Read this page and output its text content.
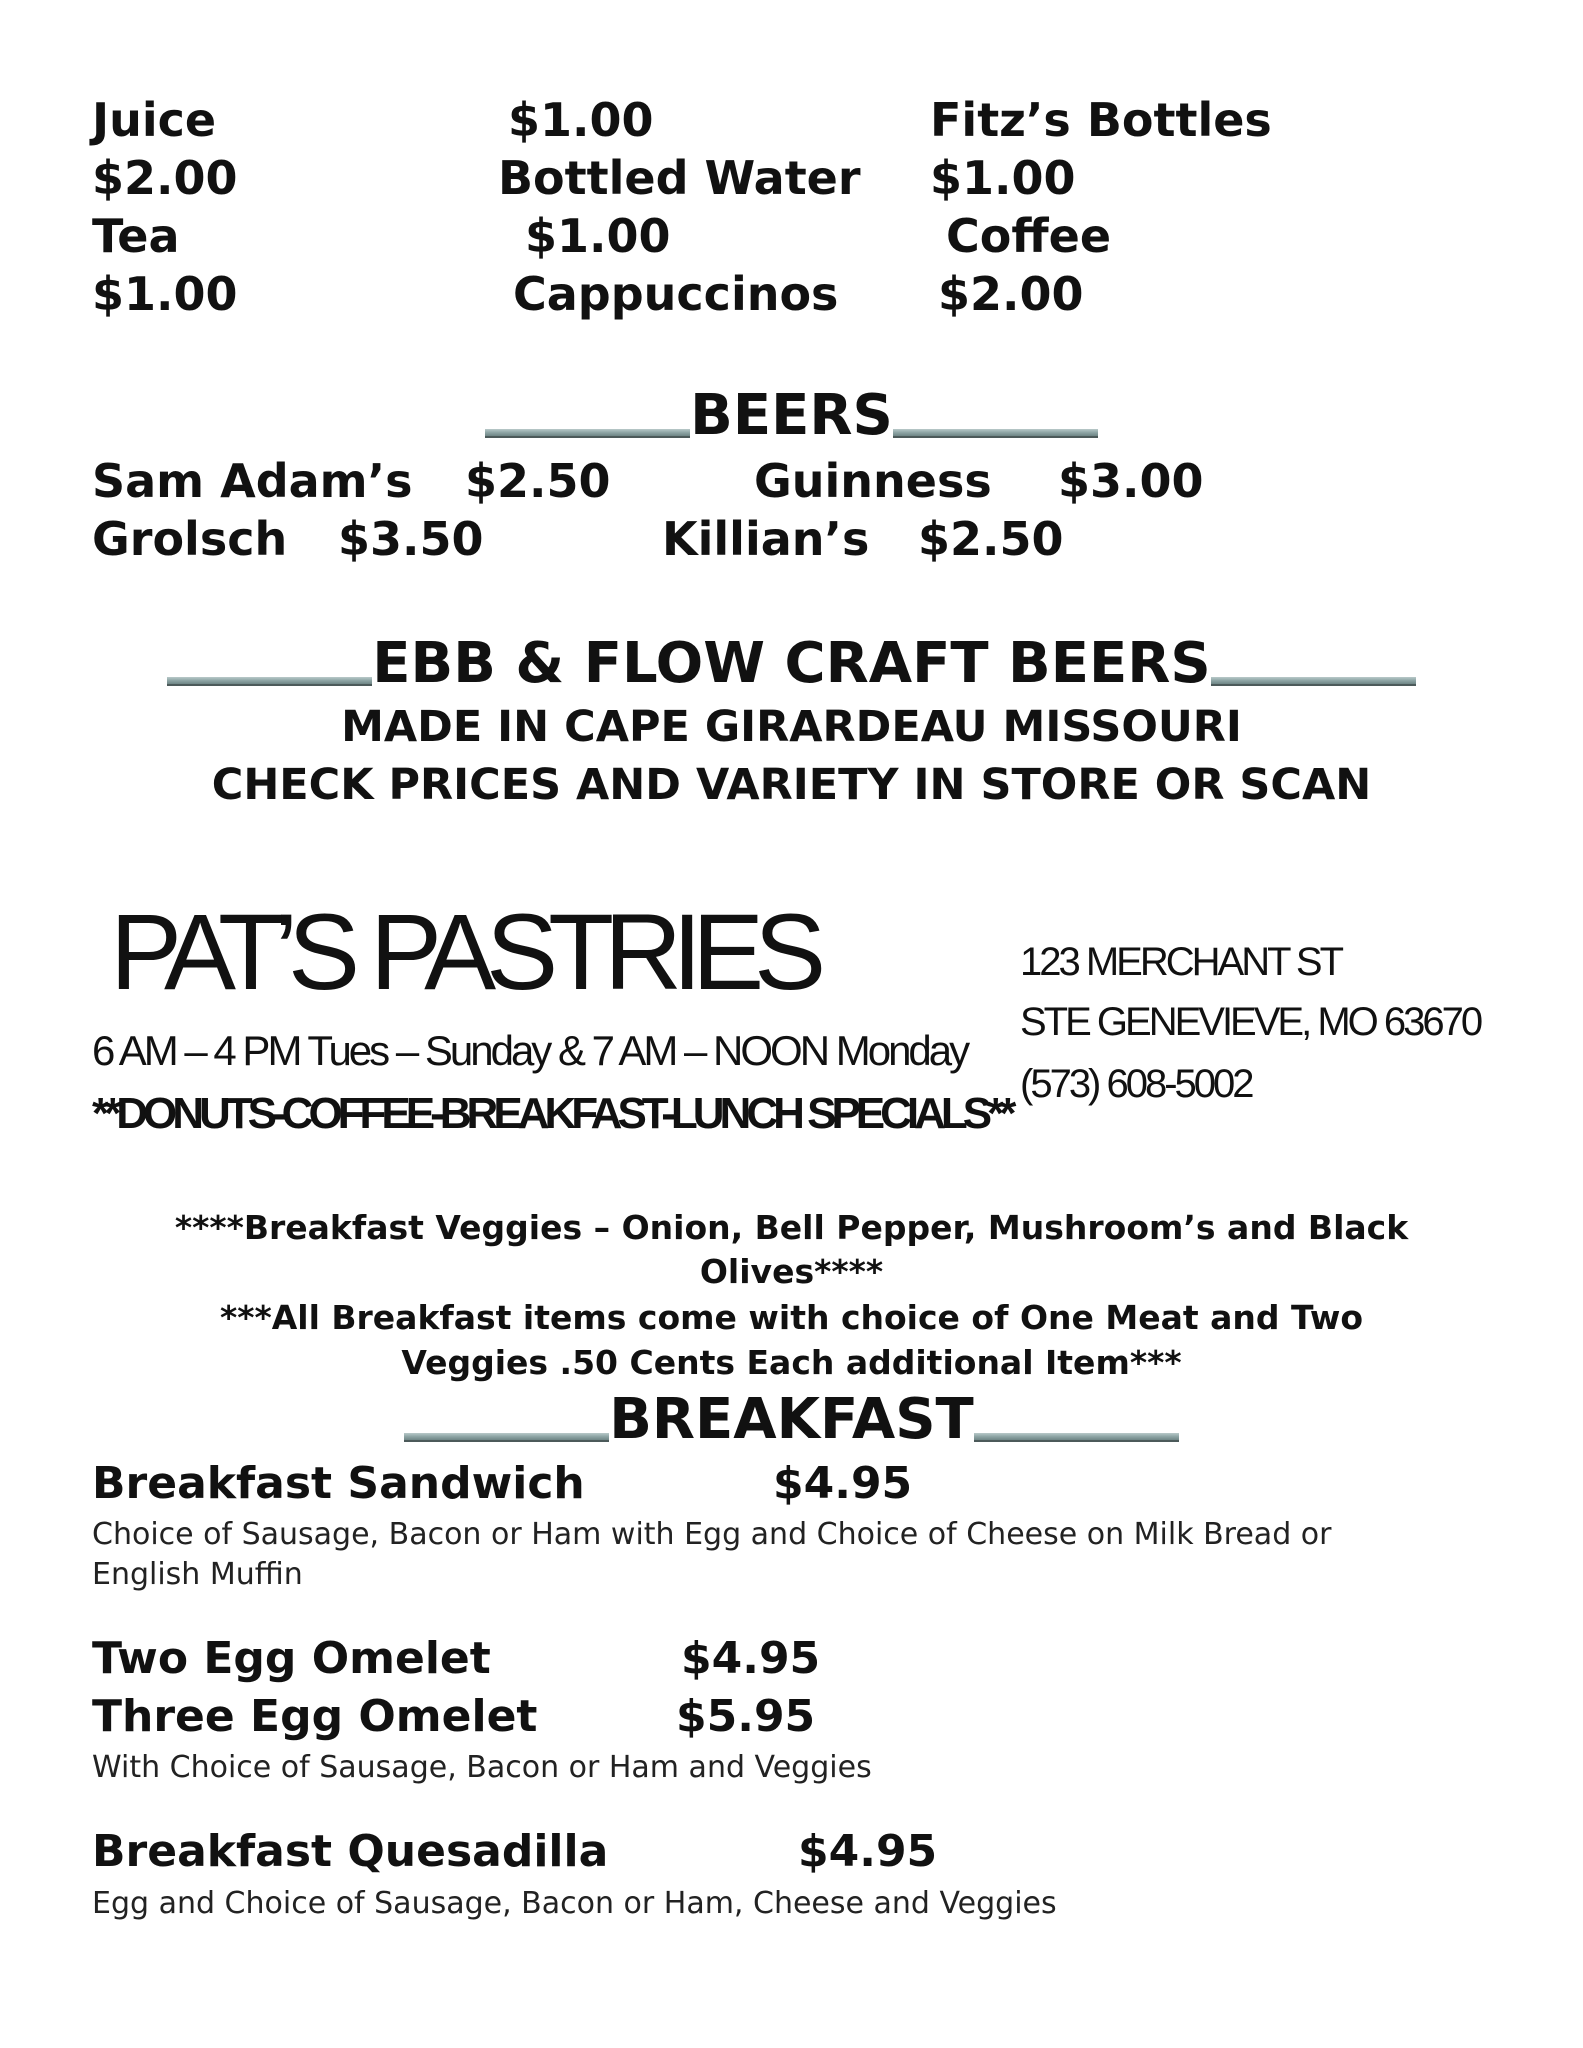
Juice	$1.00	Fitz’s Bottles
$2.00	Bottled Water $1.00
Tea	$1.00	Coffee
$1.00	Cappuccinos $2.00
BEERS
Sam Adam’s $2.50	Guinness $3.00
Grolsch $3.50	Killian’s $2.50
EBB & FLOW CRAFT BEERS
MADE IN CAPE GIRARDEAU MISSOURI
CHECK PRICES AND VARIETY IN STORE OR SCAN
PAT’S PASTRIES
6 AM – 4 PM Tues – Sunday & 7 AM – NOON Monday
**DONUTS-COFFEE-BREAKFAST-LUNCH SPECIALS**
123 MERCHANT ST
STE GENEVIEVE, MO 63670
(573) 608-5002
****Breakfast Veggies – Onion, Bell Pepper, Mushroom’s and Black
Olives****
***All Breakfast items come with choice of One Meat and Two
Veggies .50 Cents Each additional Item***
BREAKFAST
Breakfast Sandwich	$4.95
Choice of Sausage, Bacon or Ham with Egg and Choice of Cheese on Milk Bread or
English Muffin
Two Egg Omelet	$4.95
Three Egg Omelet	$5.95
With Choice of Sausage, Bacon or Ham and Veggies
Breakfast Quesadilla	$4.95
Egg and Choice of Sausage, Bacon or Ham, Cheese and Veggies
